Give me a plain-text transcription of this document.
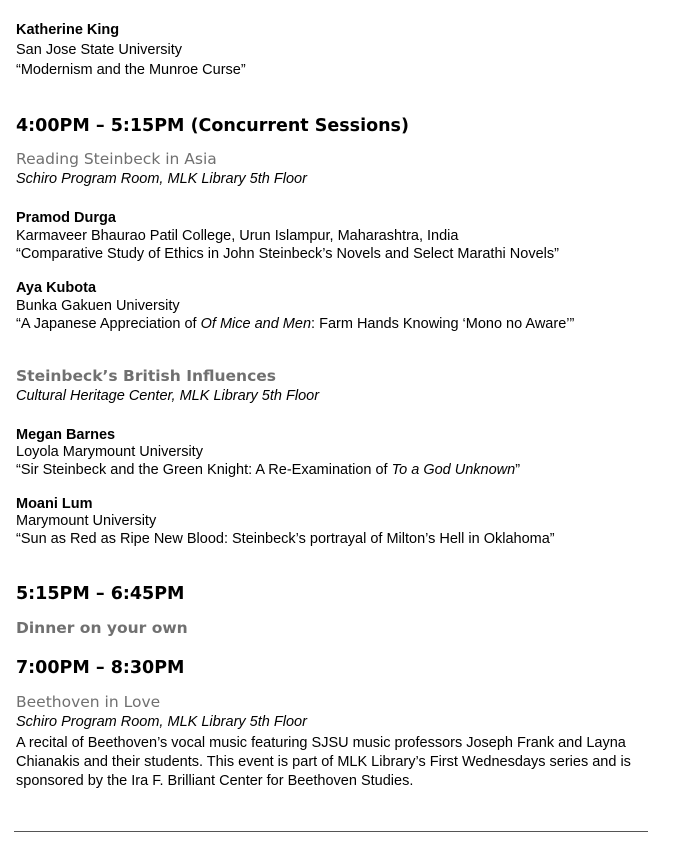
Katherine King
San Jose State University
“Modernism and the Munroe Curse”
4:00PM – 5:15PM (Concurrent Sessions)
Reading Steinbeck in Asia
Schiro Program Room, MLK Library 5th Floor
Pramod Durga
Karmaveer Bhaurao Patil College, Urun Islampur, Maharashtra, India
“Comparative Study of Ethics in John Steinbeck’s Novels and Select Marathi Novels”
Aya Kubota
Bunka Gakuen University
“A Japanese Appreciation of Of Mice and Men: Farm Hands Knowing ‘Mono no Aware’”
Steinbeck’s British Influences
Cultural Heritage Center, MLK Library 5th Floor
Megan Barnes
Loyola Marymount University
“Sir Steinbeck and the Green Knight: A Re-Examination of To a God Unknown”
Moani Lum
Marymount University
“Sun as Red as Ripe New Blood: Steinbeck’s portrayal of Milton’s Hell in Oklahoma”
5:15PM – 6:45PM
Dinner on your own
7:00PM – 8:30PM
Beethoven in Love
Schiro Program Room, MLK Library 5th Floor
A recital of Beethoven’s vocal music featuring SJSU music professors Joseph Frank and Layna Chianakis and their students. This event is part of MLK Library’s First Wednesdays series and is sponsored by the Ira F. Brilliant Center for Beethoven Studies.
